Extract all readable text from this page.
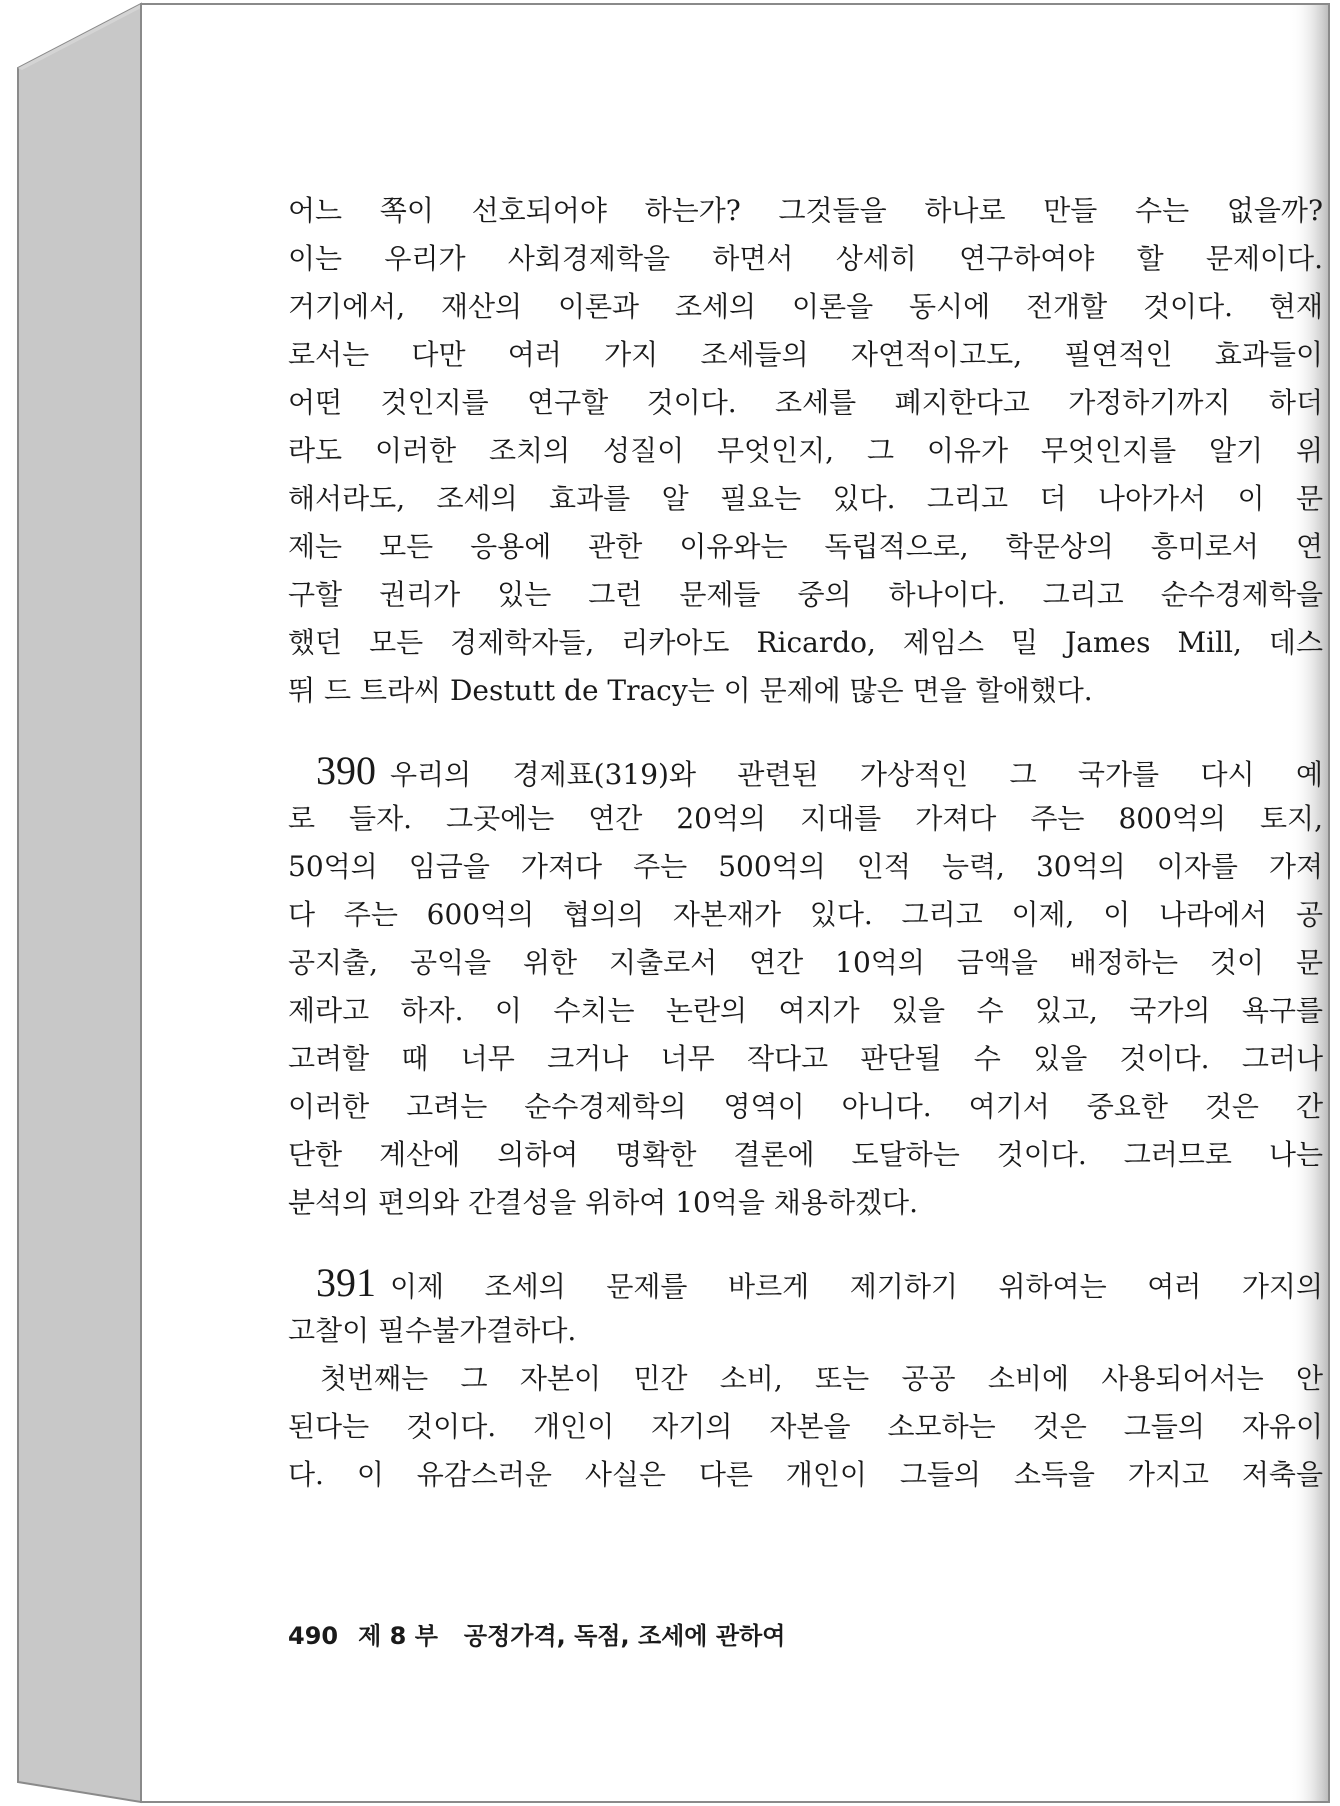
어느 쪽이 선호되어야 하는가? 그것들을 하나로 만들 수는 없을까?
이는 우리가 사회경제학을 하면서 상세히 연구하여야 할 문제이다.
거기에서, 재산의 이론과 조세의 이론을 동시에 전개할 것이다. 현재
로서는 다만 여러 가지 조세들의 자연적이고도, 필연적인 효과들이
어떤 것인지를 연구할 것이다. 조세를 폐지한다고 가정하기까지 하더
라도 이러한 조치의 성질이 무엇인지, 그 이유가 무엇인지를 알기 위
해서라도, 조세의 효과를 알 필요는 있다. 그리고 더 나아가서 이 문
제는 모든 응용에 관한 이유와는 독립적으로, 학문상의 흥미로서 연
구할 권리가 있는 그런 문제들 중의 하나이다. 그리고 순수경제학을
했던 모든 경제학자들, 리카아도 Ricardo, 제임스 밀 James Mill, 데스
뛰 드 트라씨 Destutt de Tracy는 이 문제에 많은 면을 할애했다.
390 우리의 경제표(319)와 관련된 가상적인 그 국가를 다시 예
로 들자. 그곳에는 연간 20억의 지대를 가져다 주는 800억의 토지,
50억의 임금을 가져다 주는 500억의 인적 능력, 30억의 이자를 가져
다 주는 600억의 협의의 자본재가 있다. 그리고 이제, 이 나라에서 공
공지출, 공익을 위한 지출로서 연간 10억의 금액을 배정하는 것이 문
제라고 하자. 이 수치는 논란의 여지가 있을 수 있고, 국가의 욕구를
고려할 때 너무 크거나 너무 작다고 판단될 수 있을 것이다. 그러나
이러한 고려는 순수경제학의 영역이 아니다. 여기서 중요한 것은 간
단한 계산에 의하여 명확한 결론에 도달하는 것이다. 그러므로 나는
분석의 편의와 간결성을 위하여 10억을 채용하겠다.
391 이제 조세의 문제를 바르게 제기하기 위하여는 여러 가지의
고찰이 필수불가결하다.
첫번째는 그 자본이 민간 소비, 또는 공공 소비에 사용되어서는 안
된다는 것이다. 개인이 자기의 자본을 소모하는 것은 그들의 자유이
다. 이 유감스러운 사실은 다른 개인이 그들의 소득을 가지고 저축을
490 제 8 부 공정가격, 독점, 조세에 관하여
